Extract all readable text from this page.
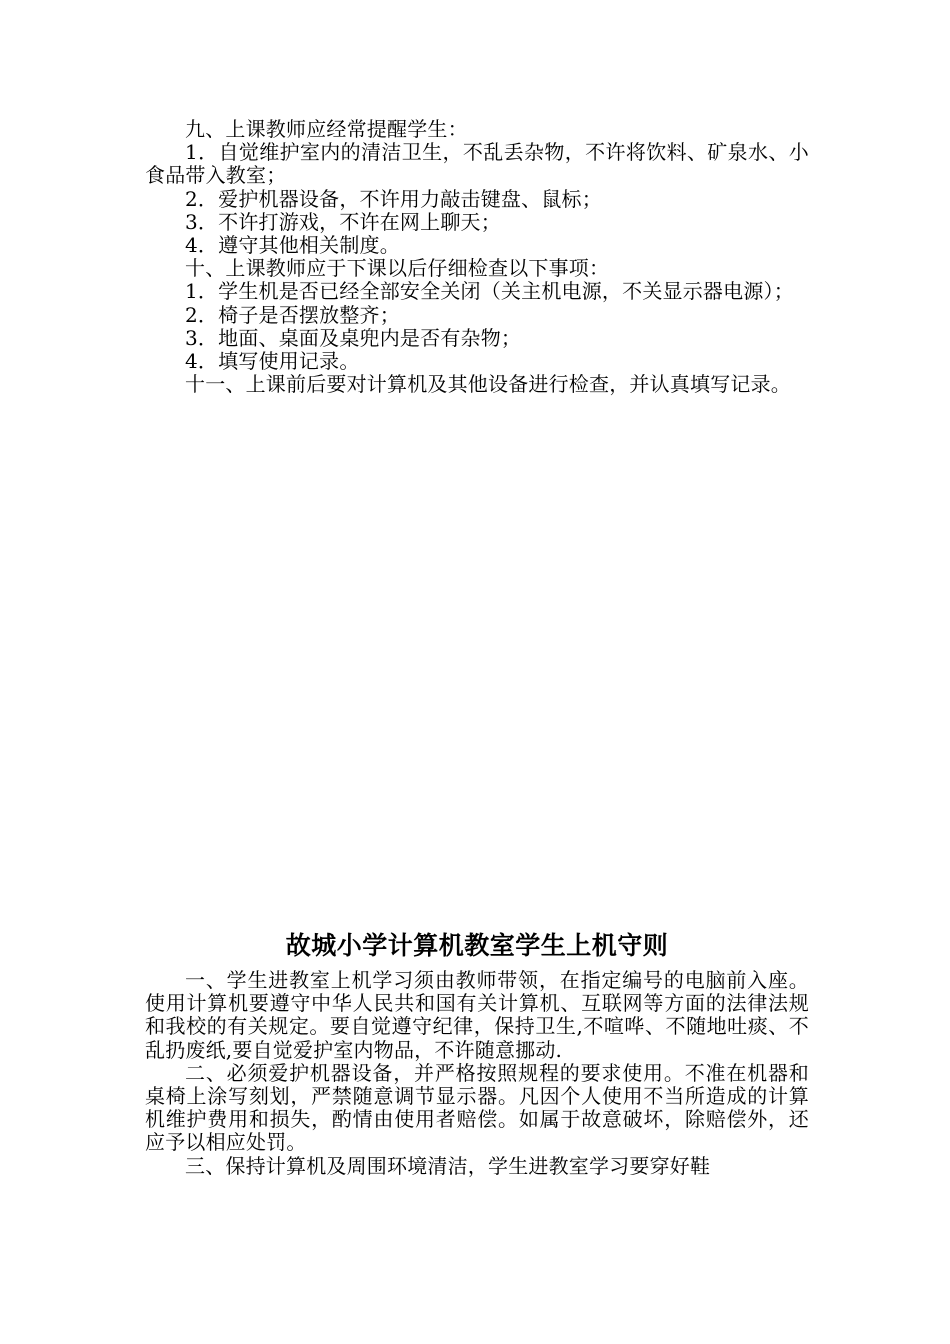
九、上课教师应经常提醒学生：

1．自觉维护室内的清洁卫生，不乱丢杂物，不许将饮料、矿泉水、小食品带入教室；

2．爱护机器设备，不许用力敲击键盘、鼠标；

3．不许打游戏，不许在网上聊天；

4．遵守其他相关制度。

十、上课教师应于下课以后仔细检查以下事项：

1．学生机是否已经全部安全关闭（关主机电源，不关显示器电源）；

2．椅子是否摆放整齐；

3．地面、桌面及桌兜内是否有杂物；

4．填写使用记录。

十一、上课前后要对计算机及其他设备进行检查，并认真填写记录。

故城小学计算机教室学生上机守则

一、学生进教室上机学习须由教师带领，在指定编号的电脑前入座。使用计算机要遵守中华人民共和国有关计算机、互联网等方面的法律法规和我校的有关规定。要自觉遵守纪律，保持卫生,不喧哗、不随地吐痰、不乱扔废纸,要自觉爱护室内物品，不许随意挪动.

二、必须爱护机器设备，并严格按照规程的要求使用。不准在机器和桌椅上涂写刻划，严禁随意调节显示器。凡因个人使用不当所造成的计算机维护费用和损失，酌情由使用者赔偿。如属于故意破坏，除赔偿外，还应予以相应处罚。

三、保持计算机及周围环境清洁，学生进教室学习要穿好鞋
